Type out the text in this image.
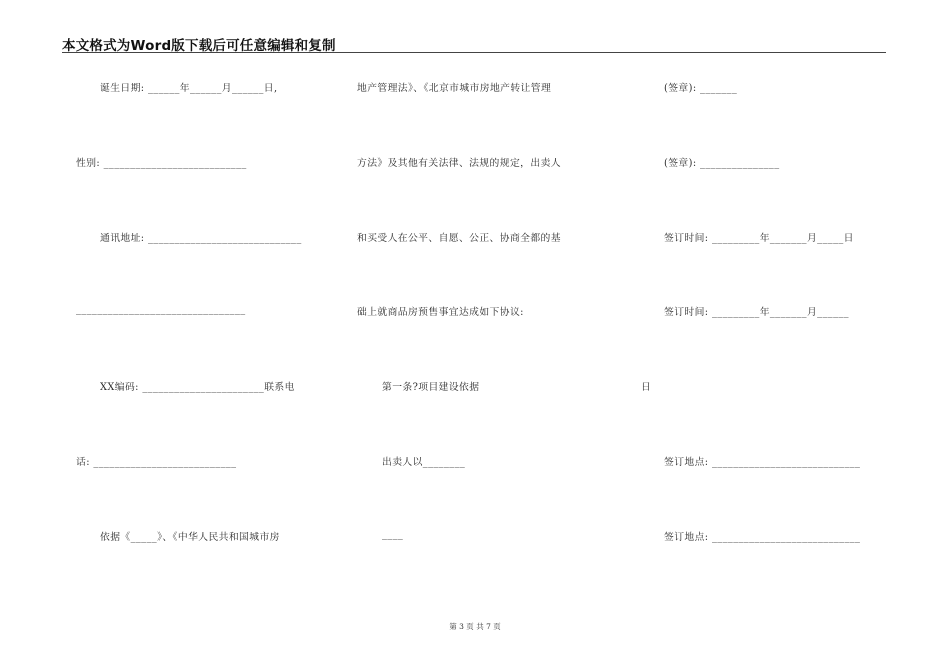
本文格式为Word版下载后可任意编辑和复制
诞生日期: ______年______月______日,
性别: ___________________________
通讯地址: _____________________________
________________________________
XX编码: _______________________联系电
话: ___________________________
依据《_____》、《中华人民共和国城市房
地产管理法》、《北京市城市房地产转让管理
方法》及其他有关法律、法规的规定，出卖人
和买受人在公平、自愿、公正、协商全都的基
础上就商品房预售事宜达成如下协议:
第一条?项目建设依据
出卖人以________
____
(签章): _______
(签章): _______________
签订时间: _________年_______月_____日
签订时间: _________年_______月______
日
签订地点: ____________________________
签订地点: ____________________________
第 3 页 共 7 页
